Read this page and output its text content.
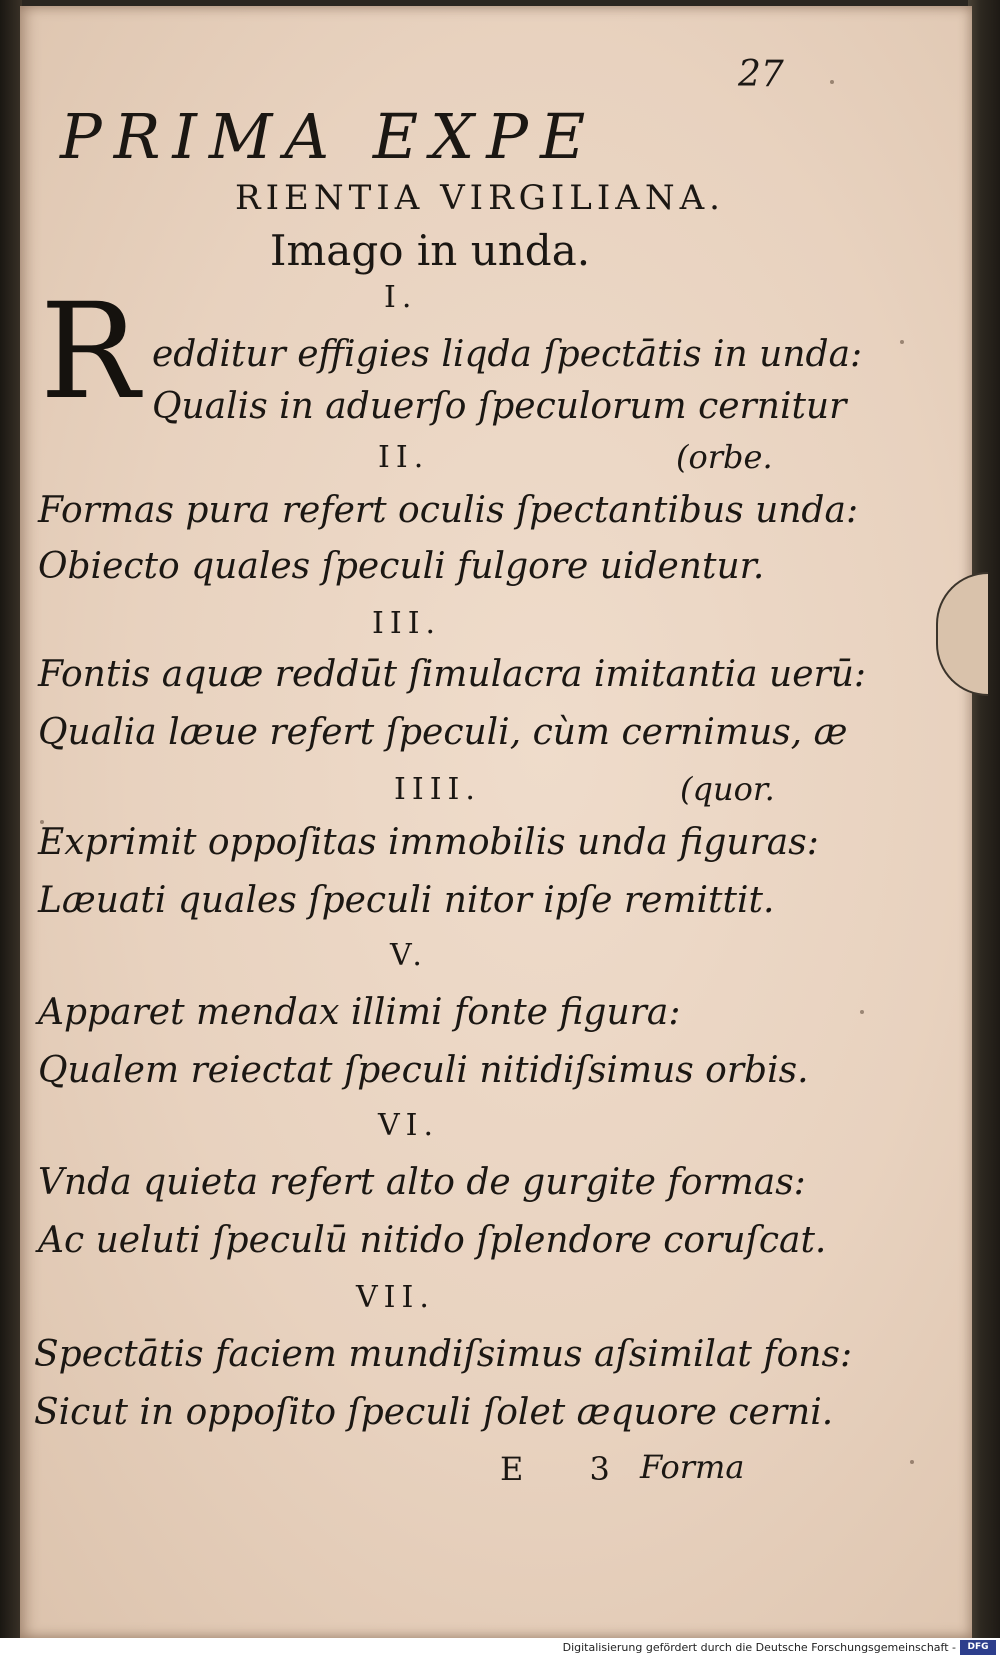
27
PRIMA EXPE
RIENTIA VIRGILIANA.
Imago in unda.
I.
R edditur effigies liqda ſpectātis in unda:
Qualis in aduerſo ſpeculorum cernitur
II.	(orbe.
Formas pura refert oculis ſpectantibus unda:
Obiecto quales ſpeculi fulgore uidentur.
III.
Fontis aquæ reddūt ſimulacra imitantia uerū:
Qualia læue refert ſpeculi, cùm cernimus, æ
IIII.	(quor.
Exprimit oppoſitas immobilis unda figuras:
Læuati quales ſpeculi nitor ipſe remittit.
V.
Apparet mendax illimi fonte figura:
Qualem reiectat ſpeculi nitidiſsimus orbis.
VI.
Vnda quieta refert alto de gurgite formas:
Ac ueluti ſpeculū nitido ſplendore coruſcat.
VII.
Spectātis faciem mundiſsimus aſsimilat fons:
Sicut in oppoſito ſpeculi ſolet æquore cerni.
E 3 Forma
Digitalisierung gefördert durch die Deutsche Forschungsgemeinschaft -	DFG
